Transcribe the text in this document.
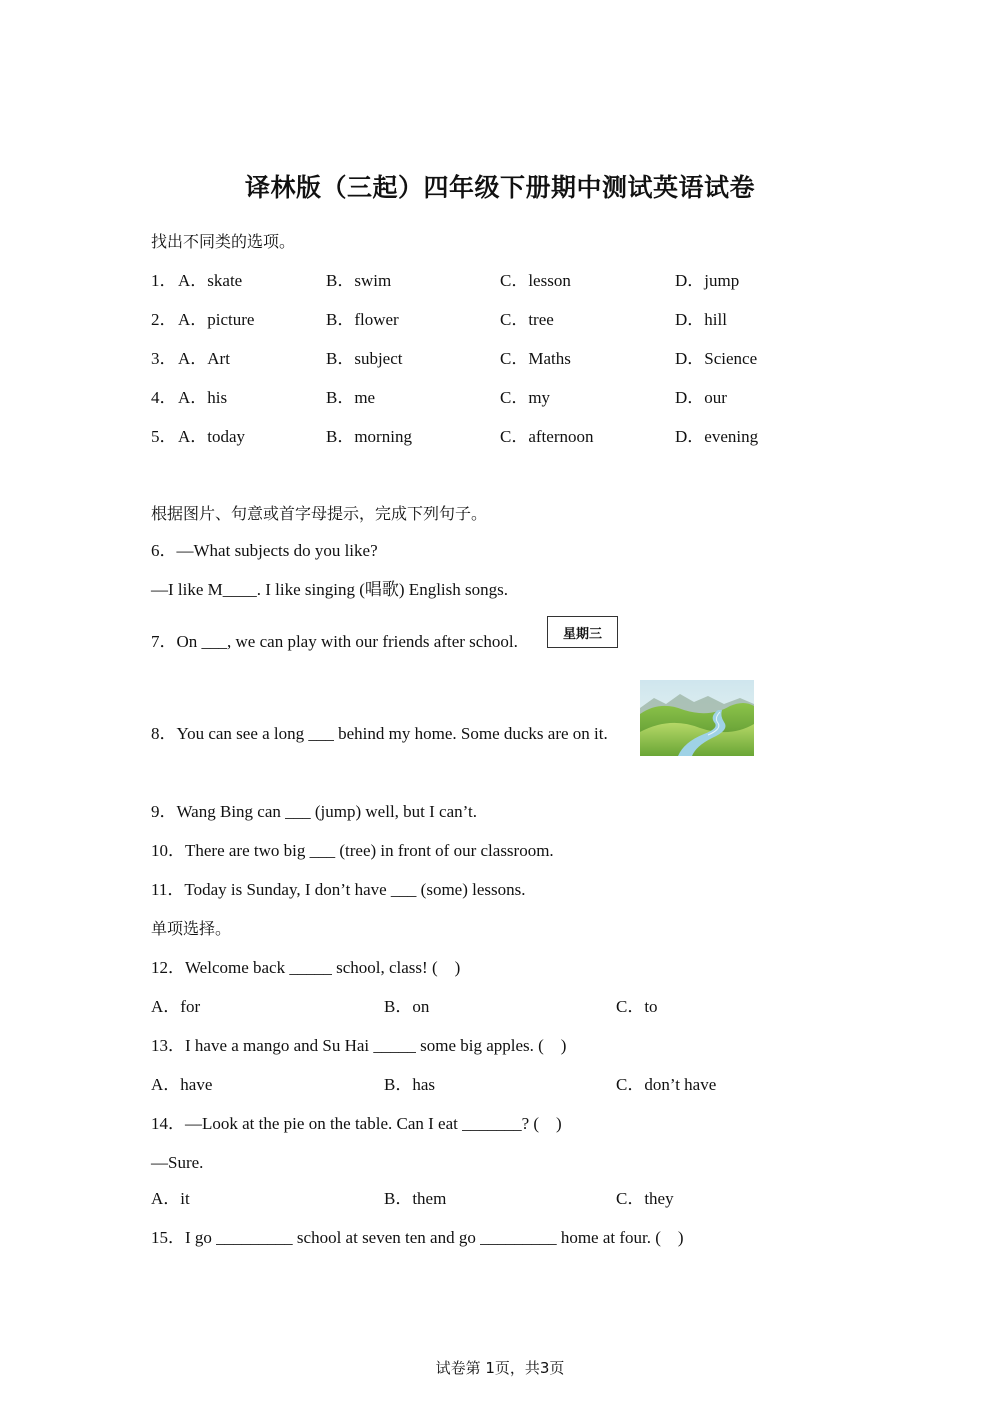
译林版（三起）四年级下册期中测试英语试卷
找出不同类的选项。
1． A．skate	B．swim	C．lesson	D．jump
2． A．picture	B．flower	C．tree	D．hill
3． A．Art	B．subject	C．Maths	D．Science
4． A．his	B．me	C．my	D．our
5． A．today	B．morning	C．afternoon	D．evening
根据图片、句意或首字母提示，完成下列句子。
6．—What subjects do you like?
—I like M____. I like singing (唱歌) English songs.
7．On ___, we can play with our friends after school.	星期三
8．You can see a long ___ behind my home. Some ducks are on it.
9．Wang Bing can ___ (jump) well, but I can’t.
10．There are two big ___ (tree) in front of our classroom.
11．Today is Sunday, I don’t have ___ (some) lessons.
单项选择。
12．Welcome back _____ school, class! (    )
A．for	B．on	C．to
13．I have a mango and Su Hai _____ some big apples. (    )
A．have	B．has	C．don’t have
14．—Look at the pie on the table. Can I eat _______? (    )
—Sure.
A．it	B．them	C．they
15．I go _________ school at seven ten and go _________ home at four. (    )
试卷第 1页，共3页
